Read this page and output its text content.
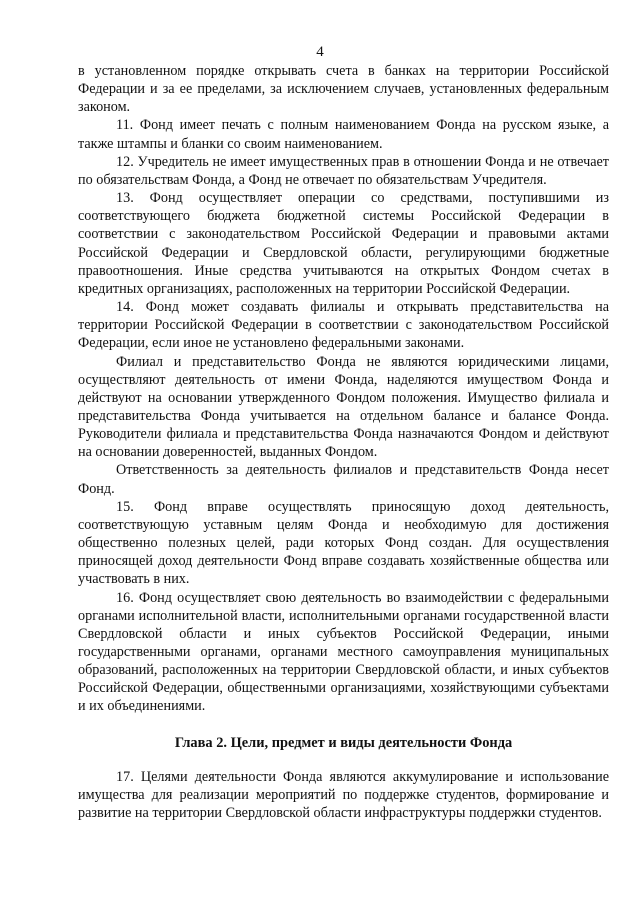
4

в установленном порядке открывать счета в банках на территории Российской Федерации и за ее пределами, за исключением случаев, установленных федеральным законом.

11. Фонд имеет печать с полным наименованием Фонда на русском языке, а также штампы и бланки со своим наименованием.

12. Учредитель не имеет имущественных прав в отношении Фонда и не отвечает по обязательствам Фонда, а Фонд не отвечает по обязательствам Учредителя.

13. Фонд осуществляет операции со средствами, поступившими из соответствующего бюджета бюджетной системы Российской Федерации в соответствии с законодательством Российской Федерации и правовыми актами Российской Федерации и Свердловской области, регулирующими бюджетные правоотношения. Иные средства учитываются на открытых Фондом счетах в кредитных организациях, расположенных на территории Российской Федерации.

14. Фонд может создавать филиалы и открывать представительства на территории Российской Федерации в соответствии с законодательством Российской Федерации, если иное не установлено федеральными законами.

Филиал и представительство Фонда не являются юридическими лицами, осуществляют деятельность от имени Фонда, наделяются имуществом Фонда и действуют на основании утвержденного Фондом положения. Имущество филиала и представительства Фонда учитывается на отдельном балансе и балансе Фонда. Руководители филиала и представительства Фонда назначаются Фондом и действуют на основании доверенностей, выданных Фондом.

Ответственность за деятельность филиалов и представительств Фонда несет Фонд.

15. Фонд вправе осуществлять приносящую доход деятельность, соответствующую уставным целям Фонда и необходимую для достижения общественно полезных целей, ради которых Фонд создан. Для осуществления приносящей доход деятельности Фонд вправе создавать хозяйственные общества или участвовать в них.

16. Фонд осуществляет свою деятельность во взаимодействии с федеральными органами исполнительной власти, исполнительными органами государственной власти Свердловской области и иных субъектов Российской Федерации, иными государственными органами, органами местного самоуправления муниципальных образований, расположенных на территории Свердловской области, и иных субъектов Российской Федерации, общественными организациями, хозяйствующими субъектами и их объединениями.

Глава 2. Цели, предмет и виды деятельности Фонда

17. Целями деятельности Фонда являются аккумулирование и использование имущества для реализации мероприятий по поддержке студентов, формирование и развитие на территории Свердловской области инфраструктуры поддержки студентов.
